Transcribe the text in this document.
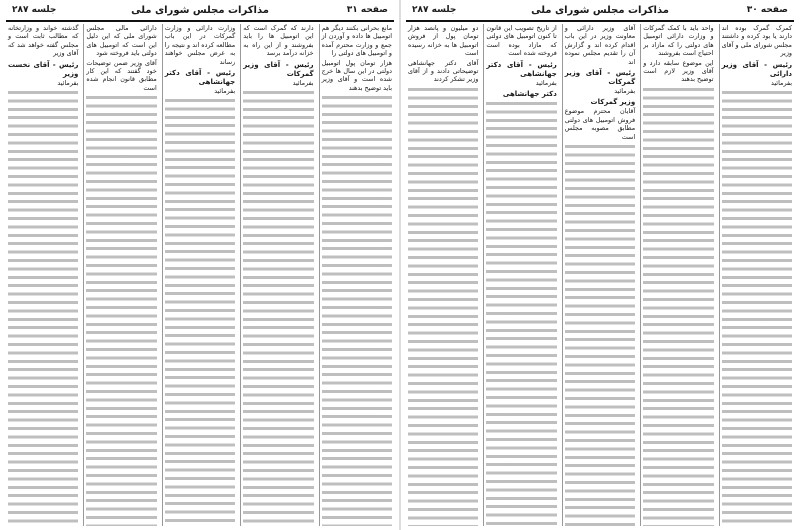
صفحه ۳۱
مذاکرات مجلس شورای ملی
جلسه ۲۸۷

مانع بحرانی بکنند دیگر هم اتومبیل ها داده و آوردن از جمع و وزارت محترم آمده و اتومبیل های دولتی را

هزار تومان پول اتومبیل دولتی در این سال ها خرج شده است و آقای وزیر باید توضیح بدهند

دارند که گمرک است که این اتومبیل ها را باید بفروشند و از این راه به خزانه درآمد برسد

رئیس - آقای وزیر گمرکات

بفرمائید

وزارت دارائی و وزارت گمرکات در این باب مطالعه کرده اند و نتیجه را به عرض مجلس خواهند رساند

رئیس - آقای دکتر جهانشاهی

بفرمائید

دارائی مالی مجلس شورای ملی که این دلیل این است که اتومبیل های دولتی باید فروخته شود

آقای وزیر ضمن توضیحات خود گفتند که این کار مطابق قانون انجام شده است

گذشته خواند و وزارتخانه که مطالب ثابت است و مجلس گفته خواهد شد که آقای وزیر

رئیس - آقای نخست وزیر

بفرمائید

صفحه ۳۰
مذاکرات مجلس شورای ملی
جلسه ۲۸۷

کمرک گمرک بوده اند دارند یا بود کرده و داشتند مجلس شورای ملی و آقای وزیر

رئیس - آقای وزیر دارائی

بفرمائید

واحد باید با کمک گمرکات و وزارت دارائی اتومبیل های دولتی را که مازاد بر احتیاج است بفروشند

این موضوع سابقه دارد و آقای وزیر لازم است توضیح بدهند

آقای وزیر دارائی و معاونت وزیر در این باب اقدام کرده اند و گزارش آن را تقدیم مجلس نموده اند

رئیس - آقای وزیر گمرکات

بفرمائید

وزیر گمرکات

آقایان محترم موضوع فروش اتومبیل های دولتی مطابق مصوبه مجلس است

از تاریخ تصویب این قانون تا کنون اتومبیل های دولتی که مازاد بوده است فروخته شده است

رئیس - آقای دکتر جهانشاهی

بفرمائید

دکتر جهانشاهی

دو میلیون و پانصد هزار تومان پول از فروش اتومبیل ها به خزانه رسیده است

آقای دکتر جهانشاهی توضیحاتی دادند و از آقای وزیر تشکر کردند
